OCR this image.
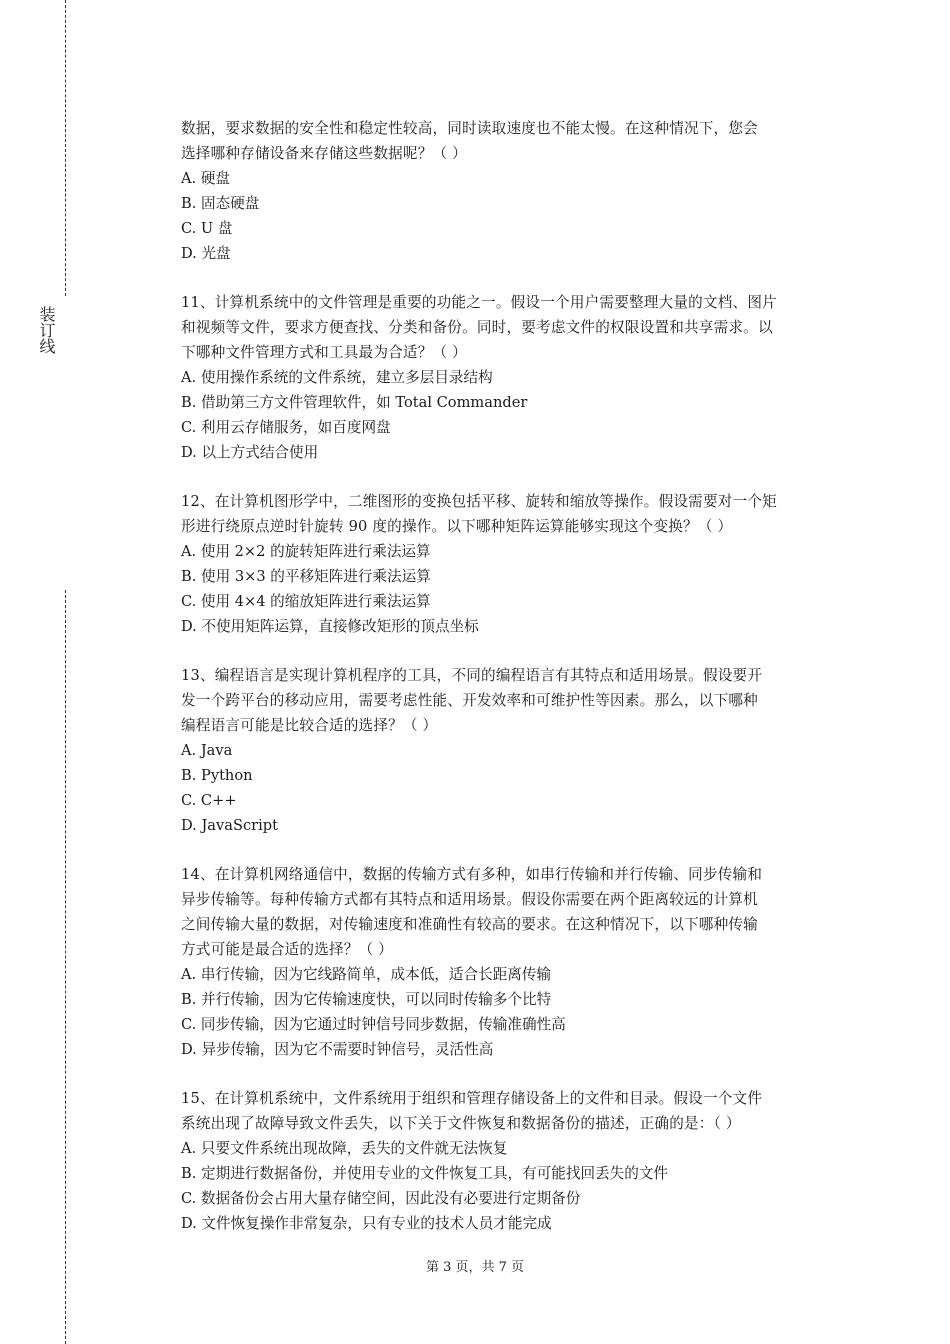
装订线
数据，要求数据的安全性和稳定性较高，同时读取速度也不能太慢。在这种情况下，您会
选择哪种存储设备来存储这些数据呢？（ ）
A. 硬盘
B. 固态硬盘
C. U 盘
D. 光盘
11、计算机系统中的文件管理是重要的功能之一。假设一个用户需要整理大量的文档、图片
和视频等文件，要求方便查找、分类和备份。同时，要考虑文件的权限设置和共享需求。以
下哪种文件管理方式和工具最为合适？（ ）
A. 使用操作系统的文件系统，建立多层目录结构
B. 借助第三方文件管理软件，如 Total Commander
C. 利用云存储服务，如百度网盘
D. 以上方式结合使用
12、在计算机图形学中，二维图形的变换包括平移、旋转和缩放等操作。假设需要对一个矩
形进行绕原点逆时针旋转 90 度的操作。以下哪种矩阵运算能够实现这个变换？（ ）
A. 使用 2×2 的旋转矩阵进行乘法运算
B. 使用 3×3 的平移矩阵进行乘法运算
C. 使用 4×4 的缩放矩阵进行乘法运算
D. 不使用矩阵运算，直接修改矩形的顶点坐标
13、编程语言是实现计算机程序的工具，不同的编程语言有其特点和适用场景。假设要开
发一个跨平台的移动应用，需要考虑性能、开发效率和可维护性等因素。那么，以下哪种
编程语言可能是比较合适的选择？（ ）
A. Java
B. Python
C. C++
D. JavaScript
14、在计算机网络通信中，数据的传输方式有多种，如串行传输和并行传输、同步传输和
异步传输等。每种传输方式都有其特点和适用场景。假设你需要在两个距离较远的计算机
之间传输大量的数据，对传输速度和准确性有较高的要求。在这种情况下，以下哪种传输
方式可能是最合适的选择？（ ）
A. 串行传输，因为它线路简单，成本低，适合长距离传输
B. 并行传输，因为它传输速度快，可以同时传输多个比特
C. 同步传输，因为它通过时钟信号同步数据，传输准确性高
D. 异步传输，因为它不需要时钟信号，灵活性高
15、在计算机系统中，文件系统用于组织和管理存储设备上的文件和目录。假设一个文件
系统出现了故障导致文件丢失，以下关于文件恢复和数据备份的描述，正确的是：（ ）
A. 只要文件系统出现故障，丢失的文件就无法恢复
B. 定期进行数据备份，并使用专业的文件恢复工具，有可能找回丢失的文件
C. 数据备份会占用大量存储空间，因此没有必要进行定期备份
D. 文件恢复操作非常复杂，只有专业的技术人员才能完成
第 3 页，共 7 页
